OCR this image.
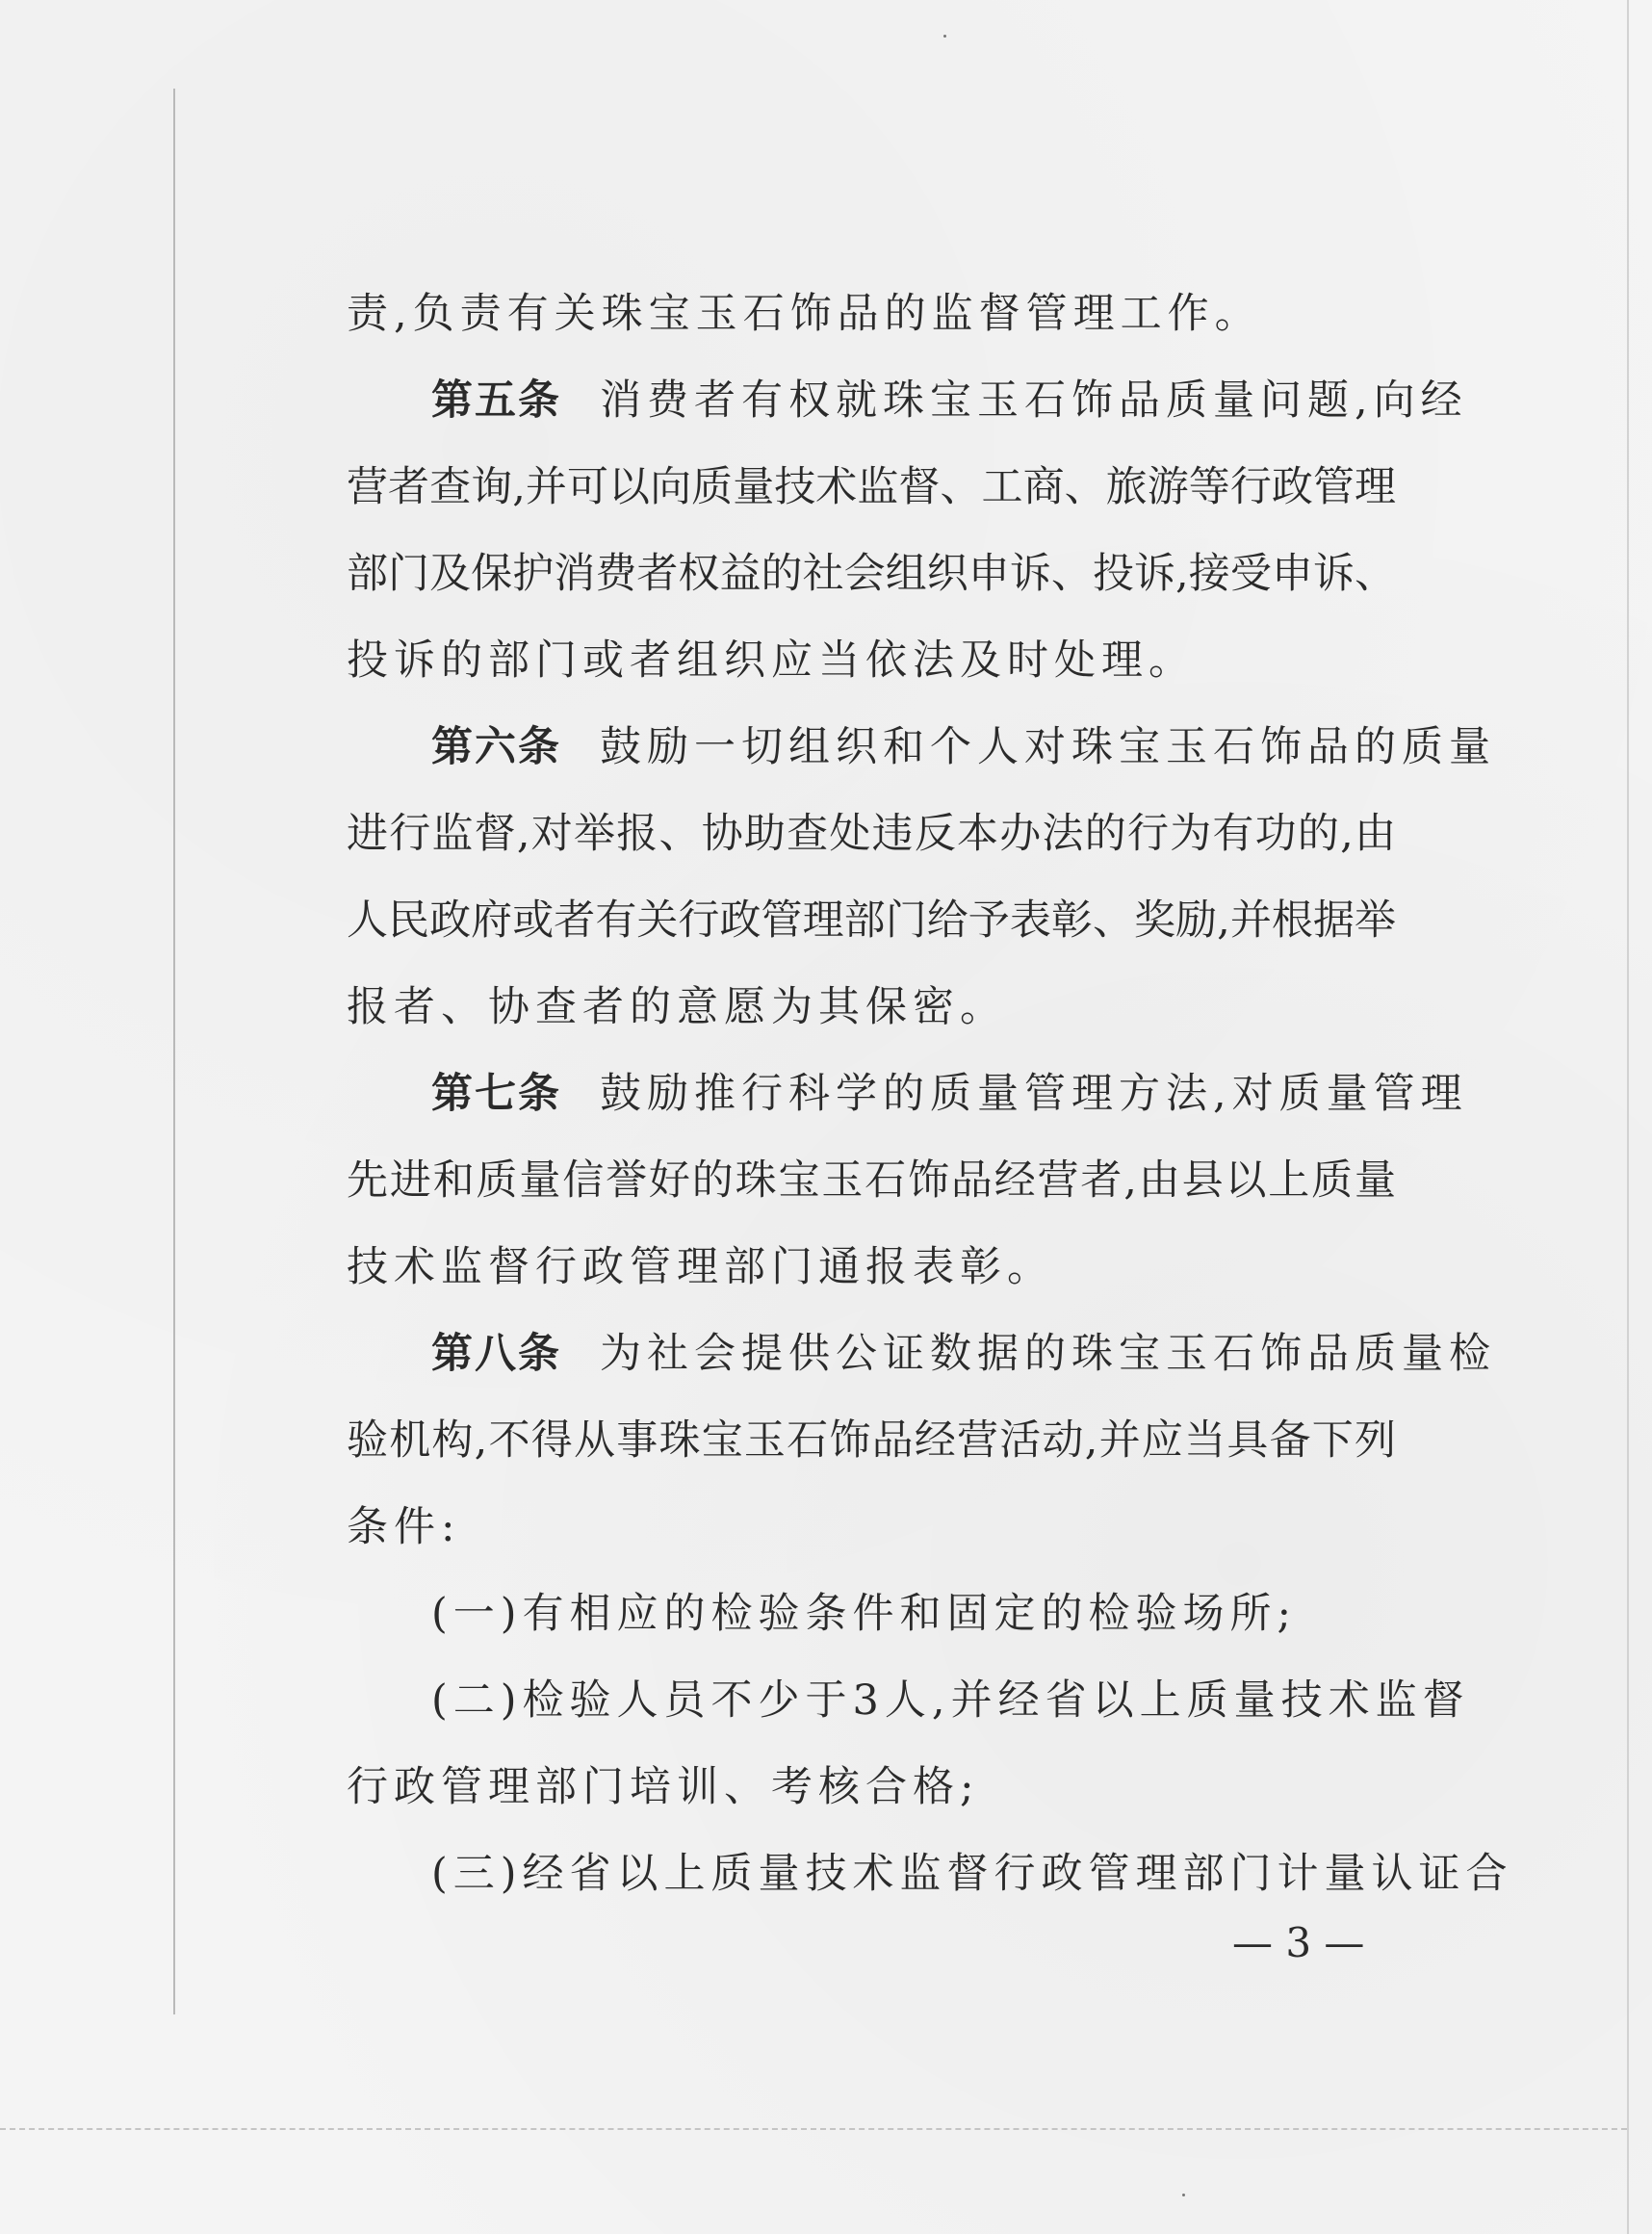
责,负责有关珠宝玉石饰品的监督管理工作。
第五条 消费者有权就珠宝玉石饰品质量问题,向经
营者查询,并可以向质量技术监督、工商、旅游等行政管理
部门及保护消费者权益的社会组织申诉、投诉,接受申诉、
投诉的部门或者组织应当依法及时处理。
第六条 鼓励一切组织和个人对珠宝玉石饰品的质量
进行监督,对举报、协助查处违反本办法的行为有功的,由
人民政府或者有关行政管理部门给予表彰、奖励,并根据举
报者、协查者的意愿为其保密。
第七条 鼓励推行科学的质量管理方法,对质量管理
先进和质量信誉好的珠宝玉石饰品经营者,由县以上质量
技术监督行政管理部门通报表彰。
第八条 为社会提供公证数据的珠宝玉石饰品质量检
验机构,不得从事珠宝玉石饰品经营活动,并应当具备下列
条件:
(一)有相应的检验条件和固定的检验场所;
(二)检验人员不少于3人,并经省以上质量技术监督
行政管理部门培训、考核合格;
(三)经省以上质量技术监督行政管理部门计量认证合
— 3 —
